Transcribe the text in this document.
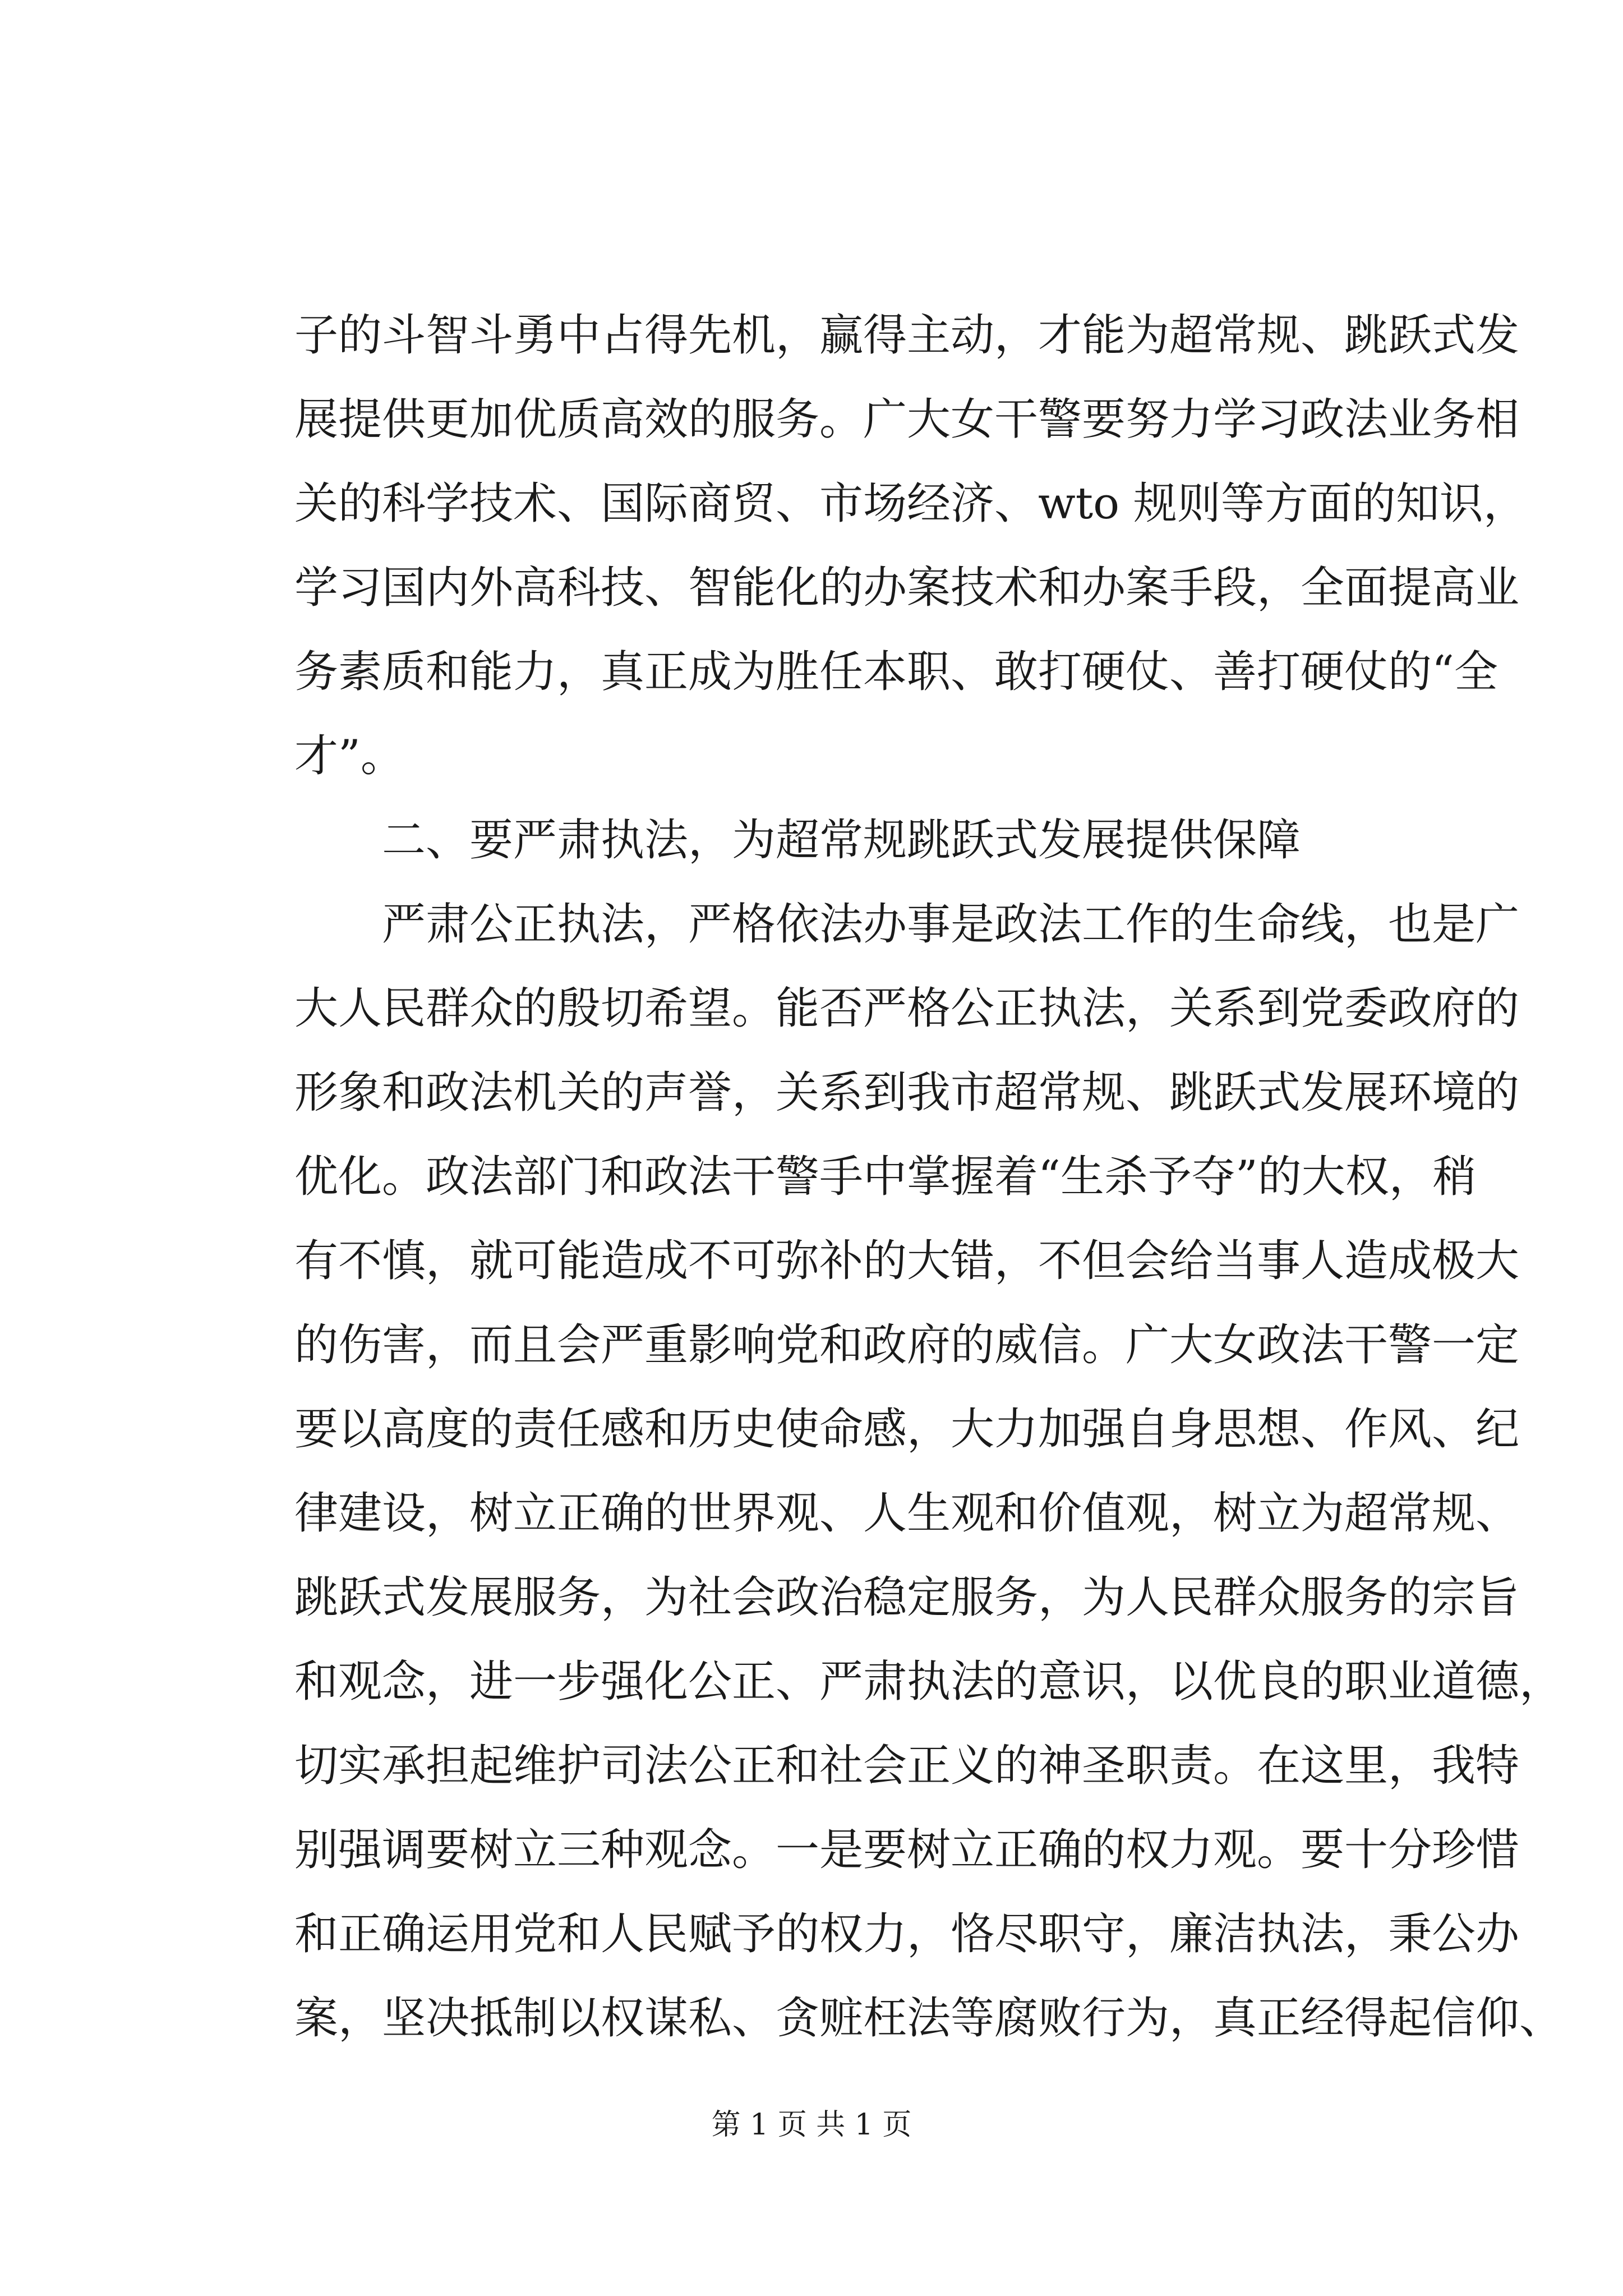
子的斗智斗勇中占得先机，赢得主动，才能为超常规、跳跃式发
展提供更加优质高效的服务。广大女干警要努力学习政法业务相
关的科学技术、国际商贸、市场经济、wto 规则等方面的知识，
学习国内外高科技、智能化的办案技术和办案手段，全面提高业
务素质和能力，真正成为胜任本职、敢打硬仗、善打硬仗的“全
才”。
　　二、要严肃执法，为超常规跳跃式发展提供保障
　　严肃公正执法，严格依法办事是政法工作的生命线，也是广
大人民群众的殷切希望。能否严格公正执法，关系到党委政府的
形象和政法机关的声誉，关系到我市超常规、跳跃式发展环境的
优化。政法部门和政法干警手中掌握着“生杀予夺”的大权，稍
有不慎，就可能造成不可弥补的大错，不但会给当事人造成极大
的伤害，而且会严重影响党和政府的威信。广大女政法干警一定
要以高度的责任感和历史使命感，大力加强自身思想、作风、纪
律建设，树立正确的世界观、人生观和价值观，树立为超常规、
跳跃式发展服务，为社会政治稳定服务，为人民群众服务的宗旨
和观念，进一步强化公正、严肃执法的意识，以优良的职业道德，
切实承担起维护司法公正和社会正义的神圣职责。在这里，我特
别强调要树立三种观念。一是要树立正确的权力观。要十分珍惜
和正确运用党和人民赋予的权力，恪尽职守，廉洁执法，秉公办
案，坚决抵制以权谋私、贪赃枉法等腐败行为，真正经得起信仰、
第 1 页 共 1 页
